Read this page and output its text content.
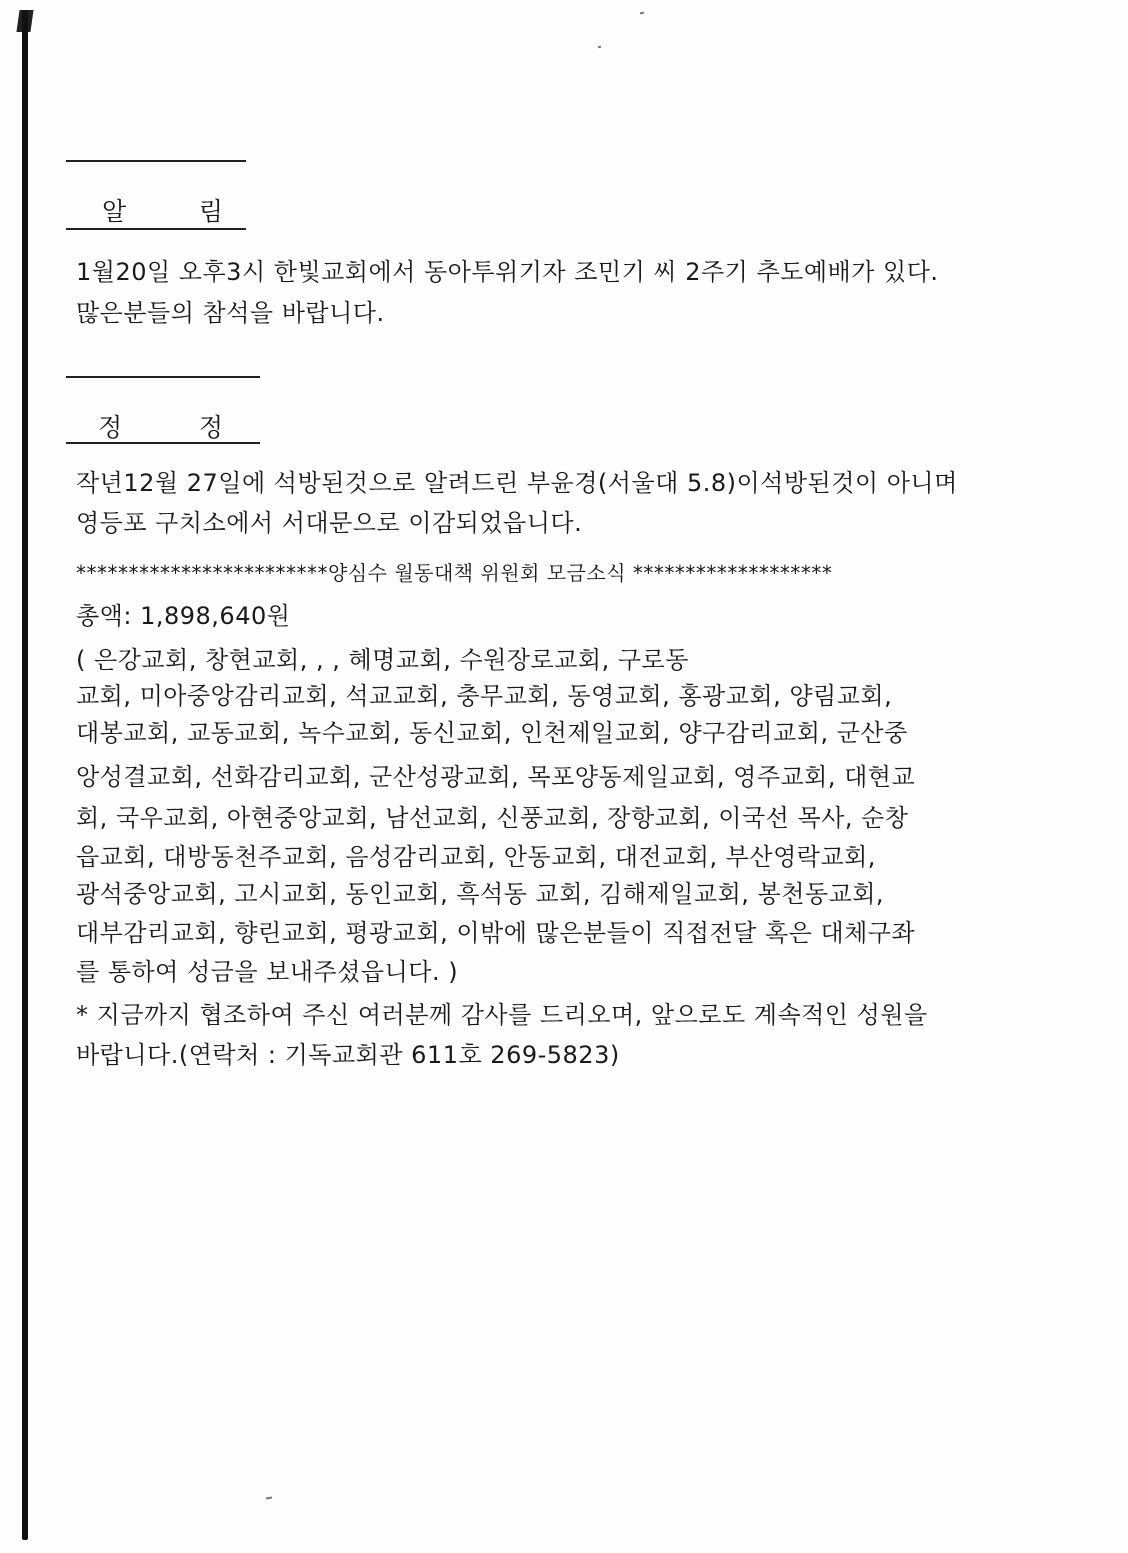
알	림
1월20일 오후3시 한빛교회에서 동아투위기자 조민기 씨 2주기 추도예배가 있다.
많은분들의 참석을 바랍니다.
정	정
작년12월 27일에 석방된것으로 알려드린 부윤경(서울대 5.8)이석방된것이 아니며
영등포 구치소에서 서대문으로 이감되었읍니다.
************************양심수 월동대책 위원회 모금소식 *******************
총액: 1,898,640원
( 은강교회, 창현교회, , , 혜명교회, 수원장로교회, 구로동
교회, 미아중앙감리교회, 석교교회, 충무교회, 동영교회, 홍광교회, 양림교회,
대봉교회, 교동교회, 녹수교회, 동신교회, 인천제일교회, 양구감리교회, 군산중
앙성결교회, 선화감리교회, 군산성광교회, 목포양동제일교회, 영주교회, 대현교
회, 국우교회, 아현중앙교회, 남선교회, 신풍교회, 장항교회, 이국선 목사, 순창
읍교회, 대방동천주교회, 음성감리교회, 안동교회, 대전교회, 부산영락교회,
광석중앙교회, 고시교회, 동인교회, 흑석동 교회, 김해제일교회, 봉천동교회,
대부감리교회, 향린교회, 평광교회, 이밖에 많은분들이 직접전달 혹은 대체구좌
를 통하여 성금을 보내주셨읍니다. )
* 지금까지 협조하여 주신 여러분께 감사를 드리오며, 앞으로도 계속적인 성원을
바랍니다.(연락처 : 기독교회관 611호 269-5823)
